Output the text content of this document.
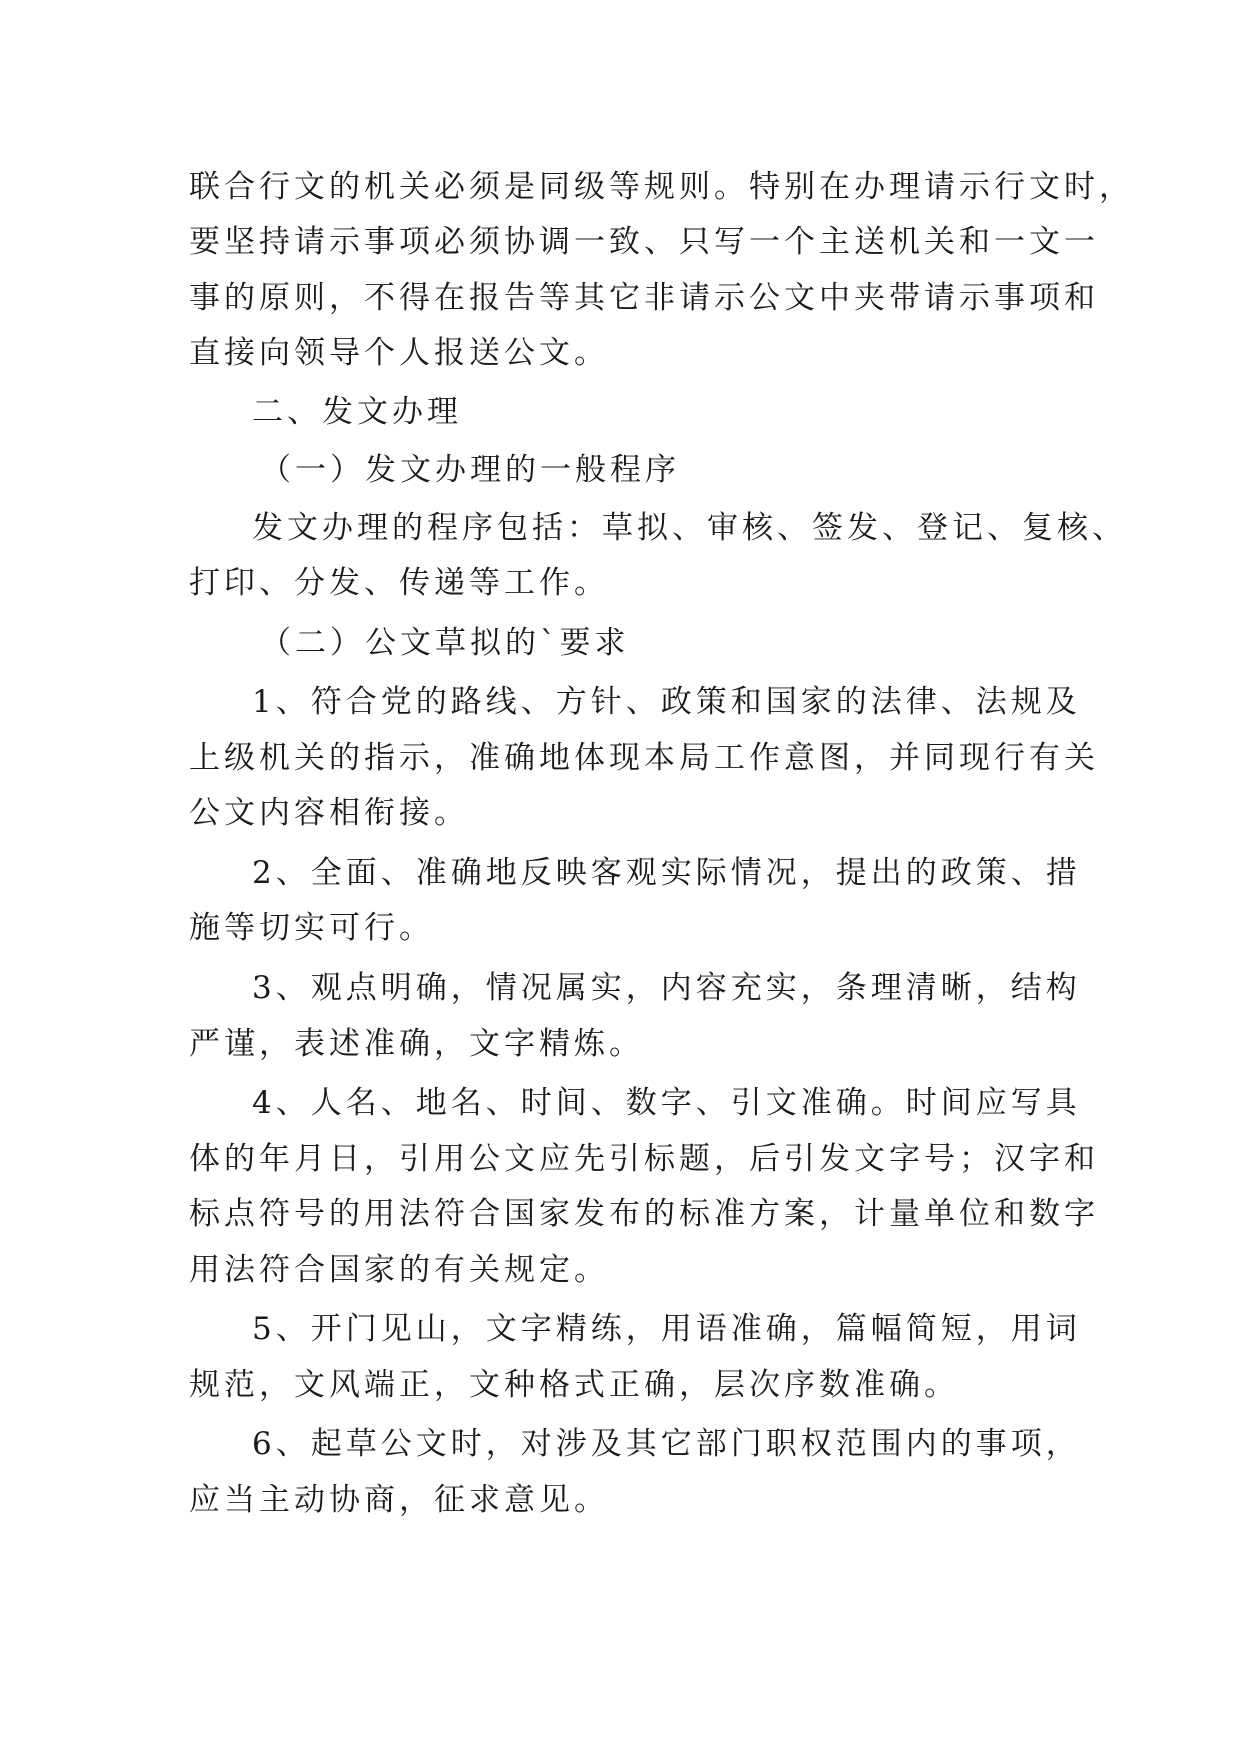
联合行文的机关必须是同级等规则。特别在办理请示行文时，
要坚持请示事项必须协调一致、只写一个主送机关和一文一
事的原则，不得在报告等其它非请示公文中夹带请示事项和
直接向领导个人报送公文。
二、发文办理
（一）发文办理的一般程序
发文办理的程序包括：草拟、审核、签发、登记、复核、
打印、分发、传递等工作。
（二）公文草拟的`要求
1、符合党的路线、方针、政策和国家的法律、法规及
上级机关的指示，准确地体现本局工作意图，并同现行有关
公文内容相衔接。
2、全面、准确地反映客观实际情况，提出的政策、措
施等切实可行。
3、观点明确，情况属实，内容充实，条理清晰，结构
严谨，表述准确，文字精炼。
4、人名、地名、时间、数字、引文准确。时间应写具
体的年月日，引用公文应先引标题，后引发文字号；汉字和
标点符号的用法符合国家发布的标准方案，计量单位和数字
用法符合国家的有关规定。
5、开门见山，文字精练，用语准确，篇幅简短，用词
规范，文风端正，文种格式正确，层次序数准确。
6、起草公文时，对涉及其它部门职权范围内的事项，
应当主动协商，征求意见。
